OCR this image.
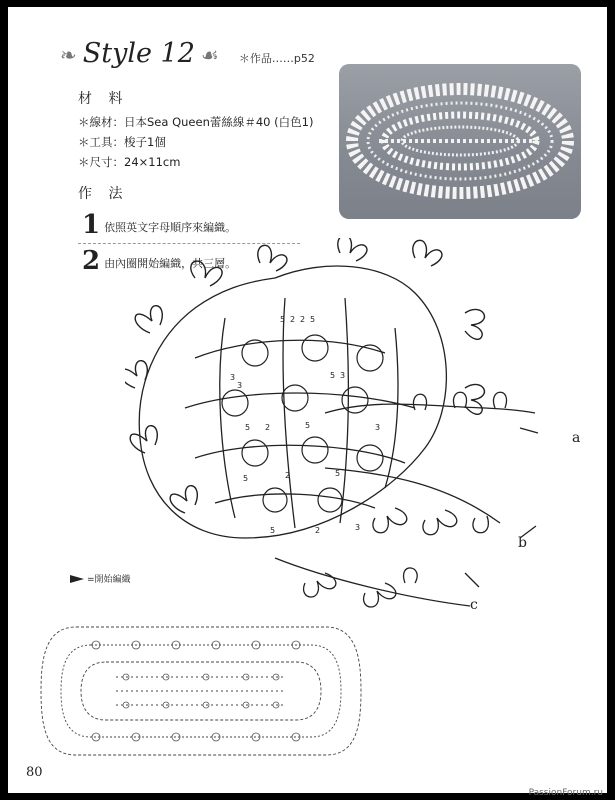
❧ Style 12 ☙ ＊作品……p52
材 料
＊線材：日本Sea Queen蕾絲線＃40 (白色1)
＊工具：梭子1個
＊尺寸：24×11cm
作 法
1 依照英文字母順序來編織。
2 由內圈開始編織，共三層。
5 2 2 5
3
3
5 3
5 2	5	3
5	2	5
5	2	3
a
b
c
=開始編織
80
PassionForum.ru
